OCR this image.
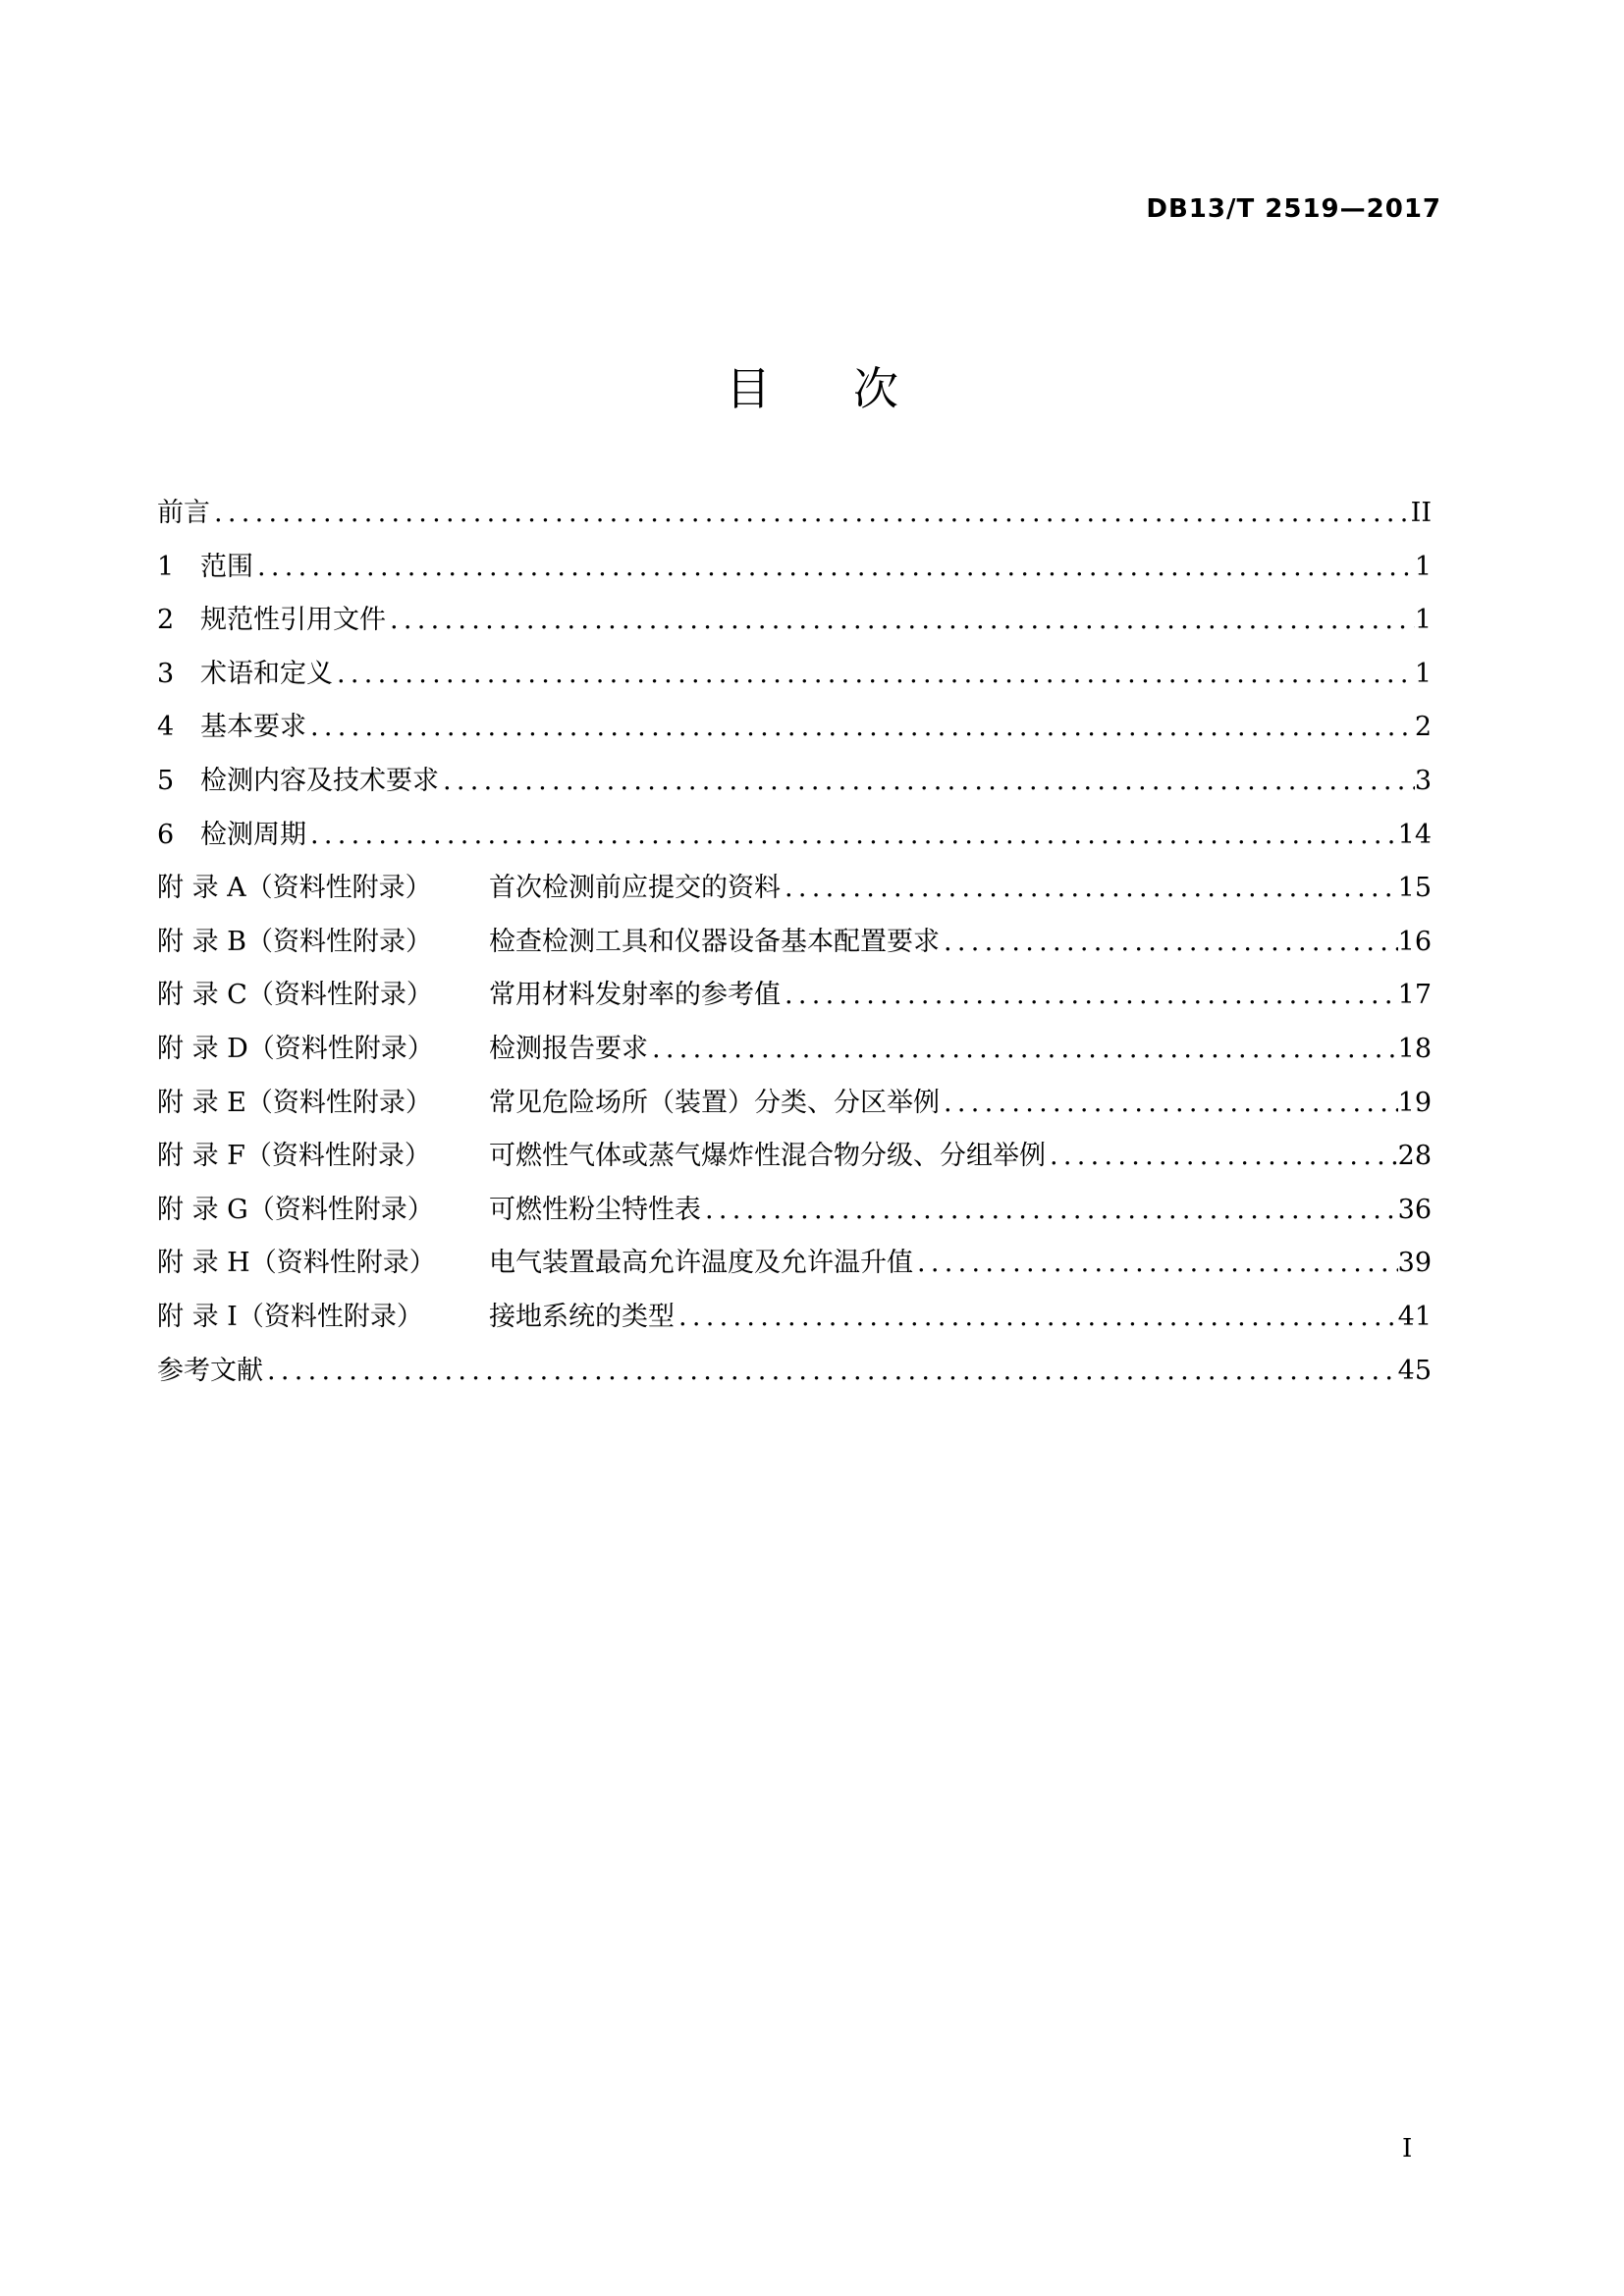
DB13/T 2519—2017
目 次
前言 .....	II
1 范围 .....	1
2 规范性引用文件 .....	1
3 术语和定义 .....	1
4 基本要求 .....	2
5 检测内容及技术要求 .....	3
6 检测周期 .....	14
附 录 A（资料性附录）	首次检测前应提交的资料 .....	15
附 录 B（资料性附录）	检查检测工具和仪器设备基本配置要求 .....	16
附 录 C（资料性附录）	常用材料发射率的参考值 .....	17
附 录 D（资料性附录）	检测报告要求 .....	18
附 录 E（资料性附录）	常见危险场所（装置）分类、分区举例 .....	19
附 录 F（资料性附录）	可燃性气体或蒸气爆炸性混合物分级、分组举例 .....	28
附 录 G（资料性附录）	可燃性粉尘特性表 .....	36
附 录 H（资料性附录）	电气装置最高允许温度及允许温升值 .....	39
附 录 I（资料性附录）	接地系统的类型 .....	41
参考文献 .....	45
I
